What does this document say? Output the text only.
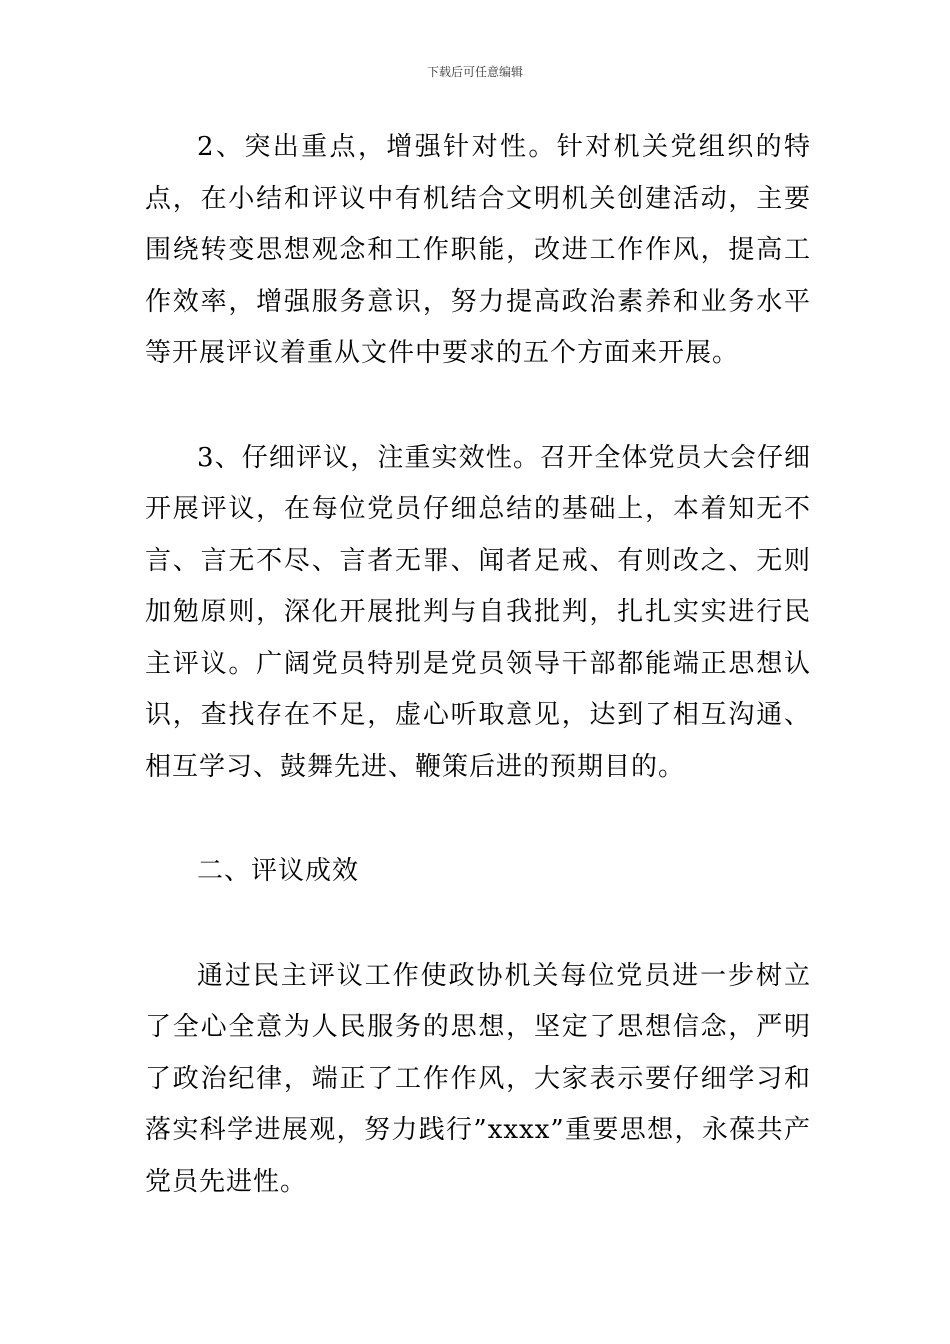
下载后可任意编辑

2、突出重点，增强针对性。针对机关党组织的特点，在小结和评议中有机结合文明机关创建活动，主要围绕转变思想观念和工作职能，改进工作作风，提高工作效率，增强服务意识，努力提高政治素养和业务水平等开展评议着重从文件中要求的五个方面来开展。

3、仔细评议，注重实效性。召开全体党员大会仔细开展评议，在每位党员仔细总结的基础上，本着知无不言、言无不尽、言者无罪、闻者足戒、有则改之、无则加勉原则，深化开展批判与自我批判，扎扎实实进行民主评议。广阔党员特别是党员领导干部都能端正思想认识，查找存在不足，虚心听取意见，达到了相互沟通、相互学习、鼓舞先进、鞭策后进的预期目的。

二、评议成效

通过民主评议工作使政协机关每位党员进一步树立了全心全意为人民服务的思想，坚定了思想信念，严明了政治纪律，端正了工作作风，大家表示要仔细学习和落实科学进展观，努力践行”xxxx”重要思想，永葆共产党员先进性。
